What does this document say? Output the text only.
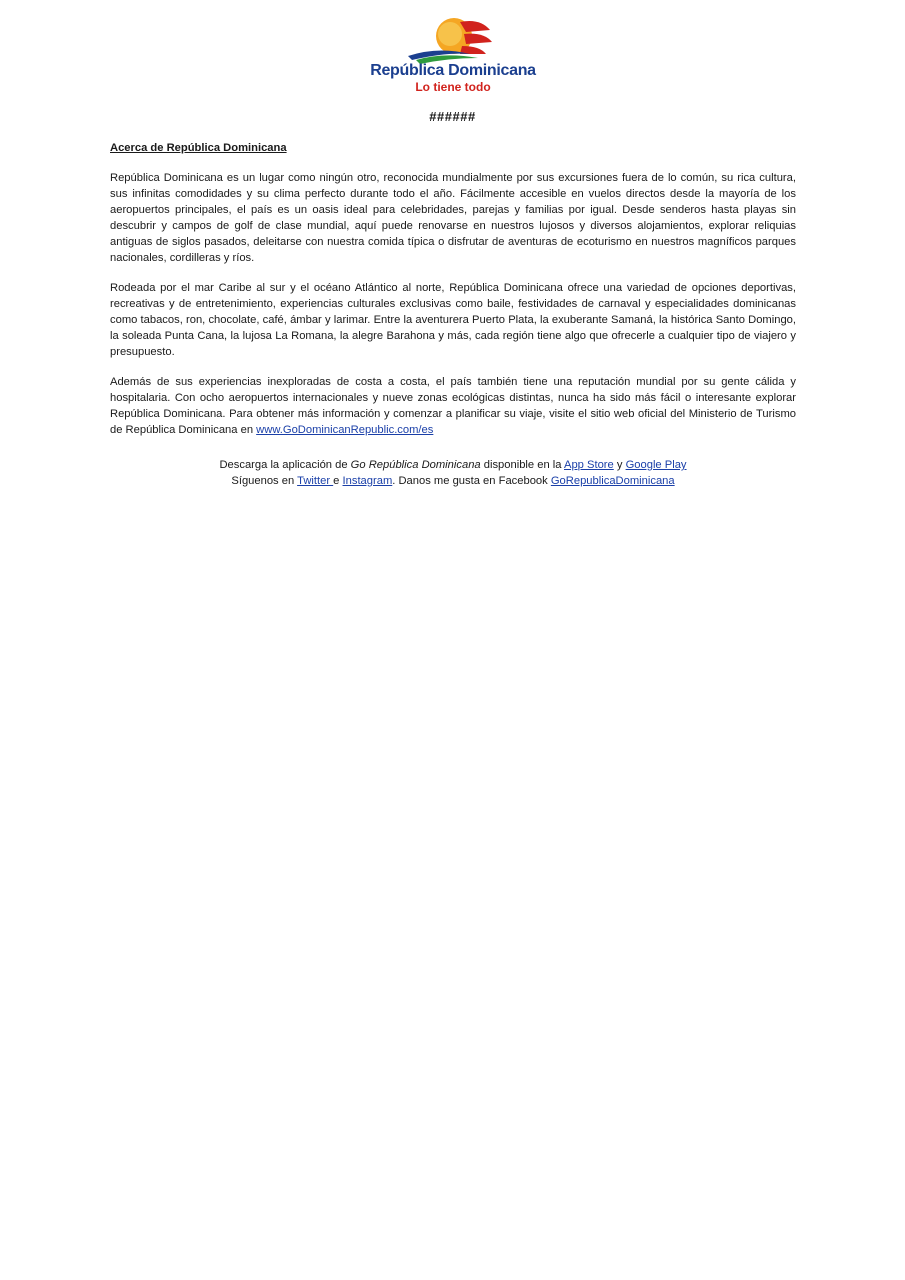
República Dominicana
Lo tiene todo
######
Acerca de República Dominicana

República Dominicana es un lugar como ningún otro, reconocida mundialmente por sus excursiones fuera de lo común, su rica cultura, sus infinitas comodidades y su clima perfecto durante todo el año. Fácilmente accesible en vuelos directos desde la mayoría de los aeropuertos principales, el país es un oasis ideal para celebridades, parejas y familias por igual. Desde senderos hasta playas sin descubrir y campos de golf de clase mundial, aquí puede renovarse en nuestros lujosos y diversos alojamientos, explorar reliquias antiguas de siglos pasados, deleitarse con nuestra comida típica o disfrutar de aventuras de ecoturismo en nuestros magníficos parques nacionales, cordilleras y ríos.

Rodeada por el mar Caribe al sur y el océano Atlántico al norte, República Dominicana ofrece una variedad de opciones deportivas, recreativas y de entretenimiento, experiencias culturales exclusivas como baile, festividades de carnaval y especialidades dominicanas como tabacos, ron, chocolate, café, ámbar y larimar. Entre la aventurera Puerto Plata, la exuberante Samaná, la histórica Santo Domingo, la soleada Punta Cana, la lujosa La Romana, la alegre Barahona y más, cada región tiene algo que ofrecerle a cualquier tipo de viajero y presupuesto.

Además de sus experiencias inexploradas de costa a costa, el país también tiene una reputación mundial por su gente cálida y hospitalaria. Con ocho aeropuertos internacionales y nueve zonas ecológicas distintas, nunca ha sido más fácil o interesante explorar República Dominicana. Para obtener más información y comenzar a planificar su viaje, visite el sitio web oficial del Ministerio de Turismo de República Dominicana en www.GoDominicanRepublic.com/es

Descarga la aplicación de Go República Dominicana disponible en la App Store y Google Play
Síguenos en Twitter e Instagram. Danos me gusta en Facebook GoRepublicaDominicana
